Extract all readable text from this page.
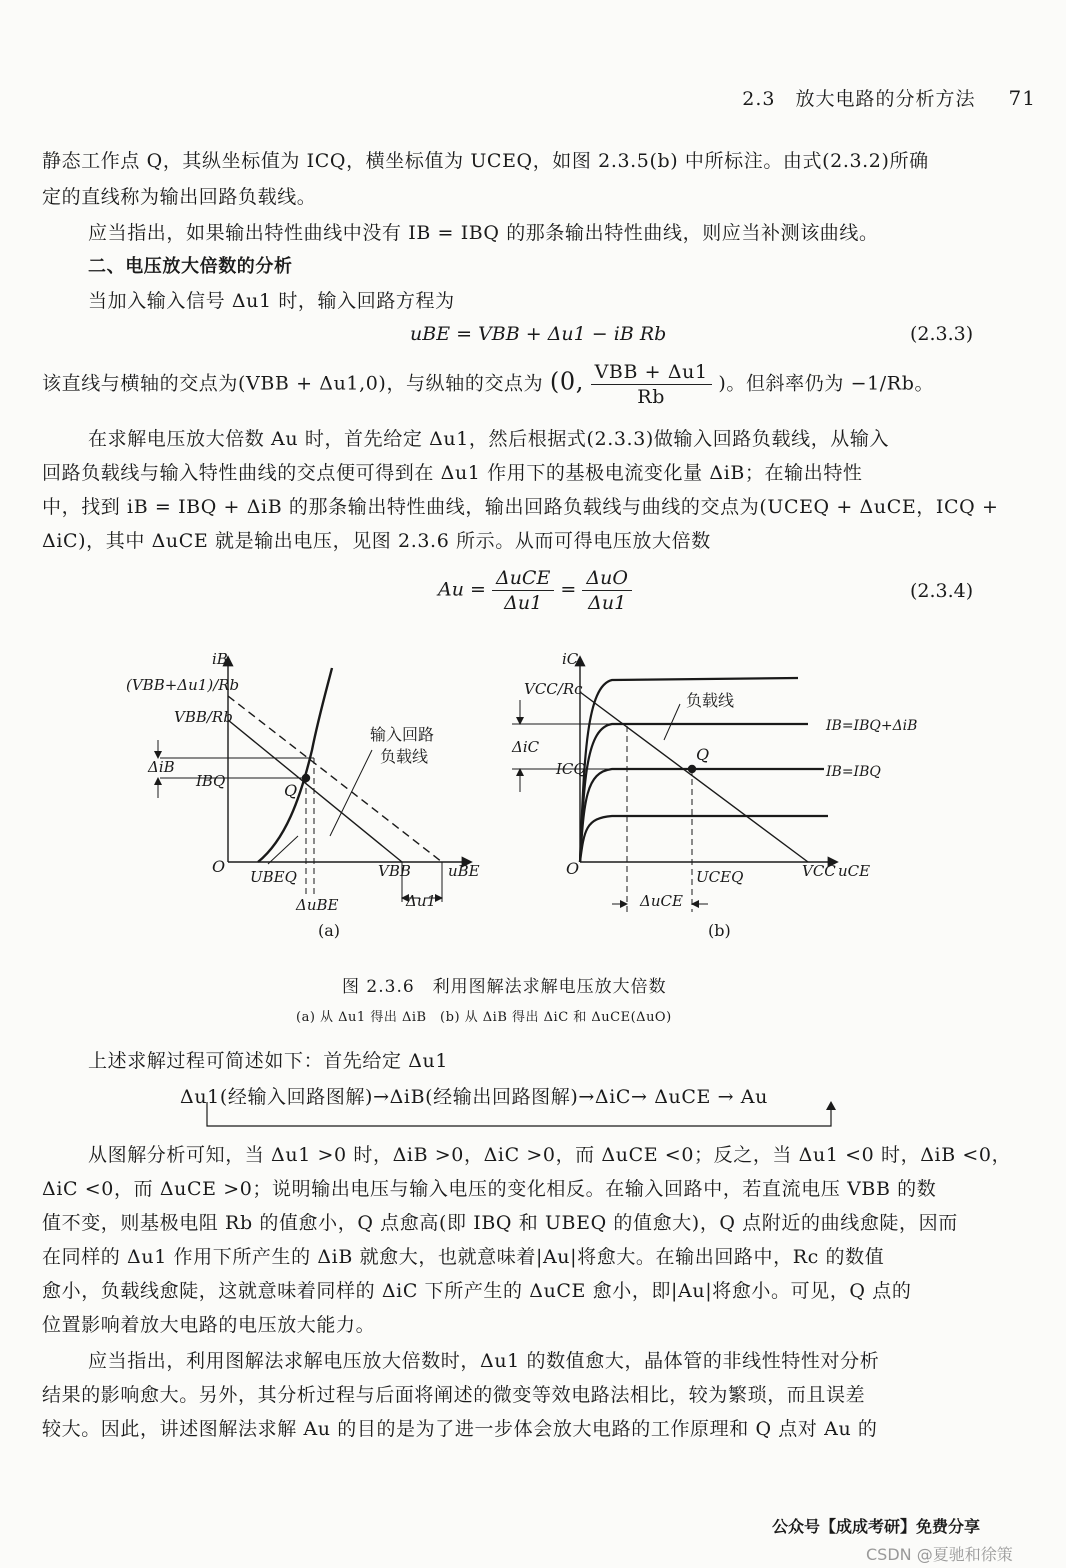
2.3　放大电路的分析方法 71
静态工作点 Q，其纵坐标值为 ICQ，横坐标值为 UCEQ，如图 2.3.5(b) 中所标注。由式(2.3.2)所确
定的直线称为输出回路负载线。
应当指出，如果输出特性曲线中没有 IB = IBQ 的那条输出特性曲线，则应当补测该曲线。
二、电压放大倍数的分析
当加入输入信号 Δu1 时，输入回路方程为
uBE = VBB + Δu1 − iB Rb	(2.3.3)
该直线与横轴的交点为(VBB + Δu1,0)，与纵轴的交点为 (0, $\frac{\text{VBB + Δu1}}{Rb}$ )。但斜率仍为 −1/Rb。
在求解电压放大倍数 Au 时，首先给定 Δu1，然后根据式(2.3.3)做输入回路负载线，从输入
回路负载线与输入特性曲线的交点便可得到在 Δu1 作用下的基极电流变化量 ΔiB；在输出特性
中，找到 iB = IBQ + ΔiB 的那条输出特性曲线，输出回路负载线与曲线的交点为(UCEQ + ΔuCE，ICQ +
ΔiC)，其中 ΔuCE 就是输出电压，见图 2.3.6 所示。从而可得电压放大倍数
$Au = \frac{\text{ΔuCE}}{\Delta u1} = \frac{\text{ΔuO}}{\Delta u1}$	(2.3.4)
iB
(VBB+Δu1)/Rb
VBB/Rb
ΔiB
IBQ	Q
输入回路
负载线
O
UBEQ	VBB uBE
ΔuBE	Δu1
(a)
iC
VCC/Rc
负载线
IB=IBQ+ΔiB
ΔiC	Q
ICQ	IB=IBQ
O	UCEQ	VCC uCE
ΔuCE
(b)
图 2.3.6　利用图解法求解电压放大倍数
(a) 从 Δu1 得出 ΔiB　(b) 从 ΔiB 得出 ΔiC 和 ΔuCE(ΔuO)
上述求解过程可简述如下：首先给定 Δu1
Δu1(经输入回路图解)→ΔiB(经输出回路图解)→ΔiC→ ΔuCE → Au
从图解分析可知，当 Δu1 >0 时，ΔiB >0，ΔiC >0，而 ΔuCE <0；反之，当 Δu1 <0 时，ΔiB <0，
ΔiC <0，而 ΔuCE >0；说明输出电压与输入电压的变化相反。在输入回路中，若直流电压 VBB 的数
值不变，则基极电阻 Rb 的值愈小，Q 点愈高(即 IBQ 和 UBEQ 的值愈大)，Q 点附近的曲线愈陡，因而
在同样的 Δu1 作用下所产生的 ΔiB 就愈大，也就意味着|Au|将愈大。在输出回路中，Rc 的数值
愈小，负载线愈陡，这就意味着同样的 ΔiC 下所产生的 ΔuCE 愈小，即|Au|将愈小。可见，Q 点的
位置影响着放大电路的电压放大能力。
应当指出，利用图解法求解电压放大倍数时，Δu1 的数值愈大，晶体管的非线性特性对分析
结果的影响愈大。另外，其分析过程与后面将阐述的微变等效电路法相比，较为繁琐，而且误差
较大。因此，讲述图解法求解 Au 的目的是为了进一步体会放大电路的工作原理和 Q 点对 Au 的
公众号【成成考研】免费分享
CSDN @夏驰和徐策
